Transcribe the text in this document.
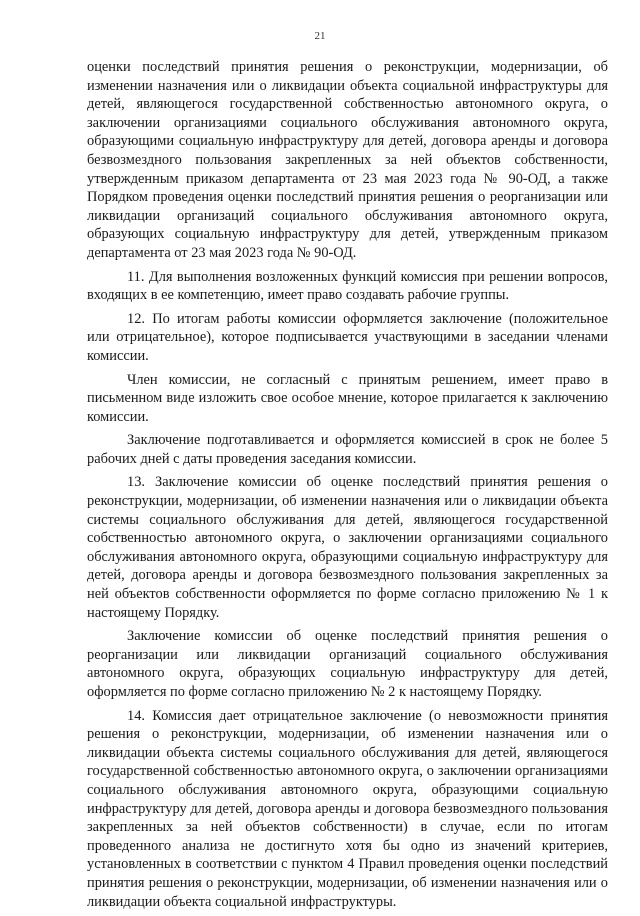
21

оценки последствий принятия решения о реконструкции, модернизации, об изменении назначения или о ликвидации объекта социальной инфраструктуры для детей, являющегося государственной собственностью автономного округа, о заключении организациями социального обслуживания автономного округа, образующими социальную инфраструктуру для детей, договора аренды и договора безвозмездного пользования закрепленных за ней объектов собственности, утвержденным приказом департамента от 23 мая 2023 года № 90-ОД, а также Порядком проведения оценки последствий принятия решения о реорганизации или ликвидации организаций социального обслуживания автономного округа, образующих социальную инфраструктуру для детей, утвержденным приказом департамента от 23 мая 2023 года № 90-ОД.

11. Для выполнения возложенных функций комиссия при решении вопросов, входящих в ее компетенцию, имеет право создавать рабочие группы.

12. По итогам работы комиссии оформляется заключение (положительное или отрицательное), которое подписывается участвующими в заседании членами комиссии.

Член комиссии, не согласный с принятым решением, имеет право в письменном виде изложить свое особое мнение, которое прилагается к заключению комиссии.

Заключение подготавливается и оформляется комиссией в срок не более 5 рабочих дней с даты проведения заседания комиссии.

13. Заключение комиссии об оценке последствий принятия решения о реконструкции, модернизации, об изменении назначения или о ликвидации объекта системы социального обслуживания для детей, являющегося государственной собственностью автономного округа, о заключении организациями социального обслуживания автономного округа, образующими социальную инфраструктуру для детей, договора аренды и договора безвозмездного пользования закрепленных за ней объектов собственности оформляется по форме согласно приложению № 1 к настоящему Порядку.

Заключение комиссии об оценке последствий принятия решения о реорганизации или ликвидации организаций социального обслуживания автономного округа, образующих социальную инфраструктуру для детей, оформляется по форме согласно приложению № 2 к настоящему Порядку.

14. Комиссия дает отрицательное заключение (о невозможности принятия решения о реконструкции, модернизации, об изменении назначения или о ликвидации объекта системы социального обслуживания для детей, являющегося государственной собственностью автономного округа, о заключении организациями социального обслуживания автономного округа, образующими социальную инфраструктуру для детей, договора аренды и договора безвозмездного пользования закрепленных за ней объектов собственности) в случае, если по итогам проведенного анализа не достигнуто хотя бы одно из значений критериев, установленных в соответствии с пунктом 4 Правил проведения оценки последствий принятия решения о реконструкции, модернизации, об изменении назначения или о ликвидации объекта социальной инфраструктуры.
